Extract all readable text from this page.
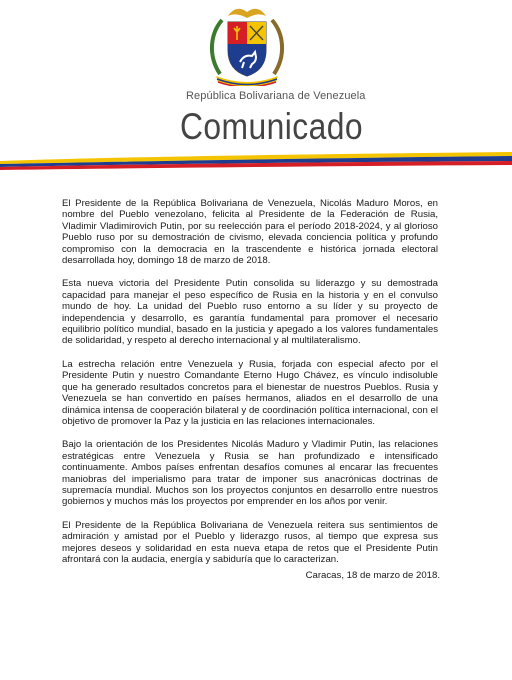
República Bolivariana de Venezuela
Comunicado

El Presidente de la República Bolivariana de Venezuela, Nicolás Maduro Moros, en nombre del Pueblo venezolano, felicita al Presidente de la Federación de Rusia, Vladimir Vladimirovich Putin, por su reelección para el período 2018-2024, y al glorioso Pueblo ruso por su demostración de civismo, elevada conciencia política y profundo compromiso con la democracia en la trascendente e histórica jornada electoral desarrollada hoy, domingo 18 de marzo de 2018.

Esta nueva victoria del Presidente Putin consolida su liderazgo y su demostrada capacidad para manejar el peso específico de Rusia en la historia y en el convulso mundo de hoy. La unidad del Pueblo ruso entorno a su líder y su proyecto de independencia y desarrollo, es garantía fundamental para promover el necesario equilibrio político mundial, basado en la justicia y apegado a los valores fundamentales de solidaridad, y respeto al derecho internacional y al multilateralismo.

La estrecha relación entre Venezuela y Rusia, forjada con especial afecto por el Presidente Putin y nuestro Comandante Eterno Hugo Chávez, es vínculo indisoluble que ha generado resultados concretos para el bienestar de nuestros Pueblos. Rusia y Venezuela se han convertido en países hermanos, aliados en el desarrollo de una dinámica intensa de cooperación bilateral y de coordinación política internacional, con el objetivo de promover la Paz y la justicia en las relaciones internacionales.

Bajo la orientación de los Presidentes Nicolás Maduro y Vladimir Putin, las relaciones estratégicas entre Venezuela y Rusia se han profundizado e intensificado continuamente. Ambos países enfrentan desafíos comunes al encarar las frecuentes maniobras del imperialismo para tratar de imponer sus anacrónicas doctrinas de supremacía mundial. Muchos son los proyectos conjuntos en desarrollo entre nuestros gobiernos y muchos más los proyectos por emprender en los años por venir.

El Presidente de la República Bolivariana de Venezuela reitera sus sentimientos de admiración y amistad por el Pueblo y liderazgo rusos, al tiempo que expresa sus mejores deseos y solidaridad en esta nueva etapa de retos que el Presidente Putin afrontará con la audacia, energía y sabiduría que lo caracterizan.

Caracas, 18 de marzo de 2018.
